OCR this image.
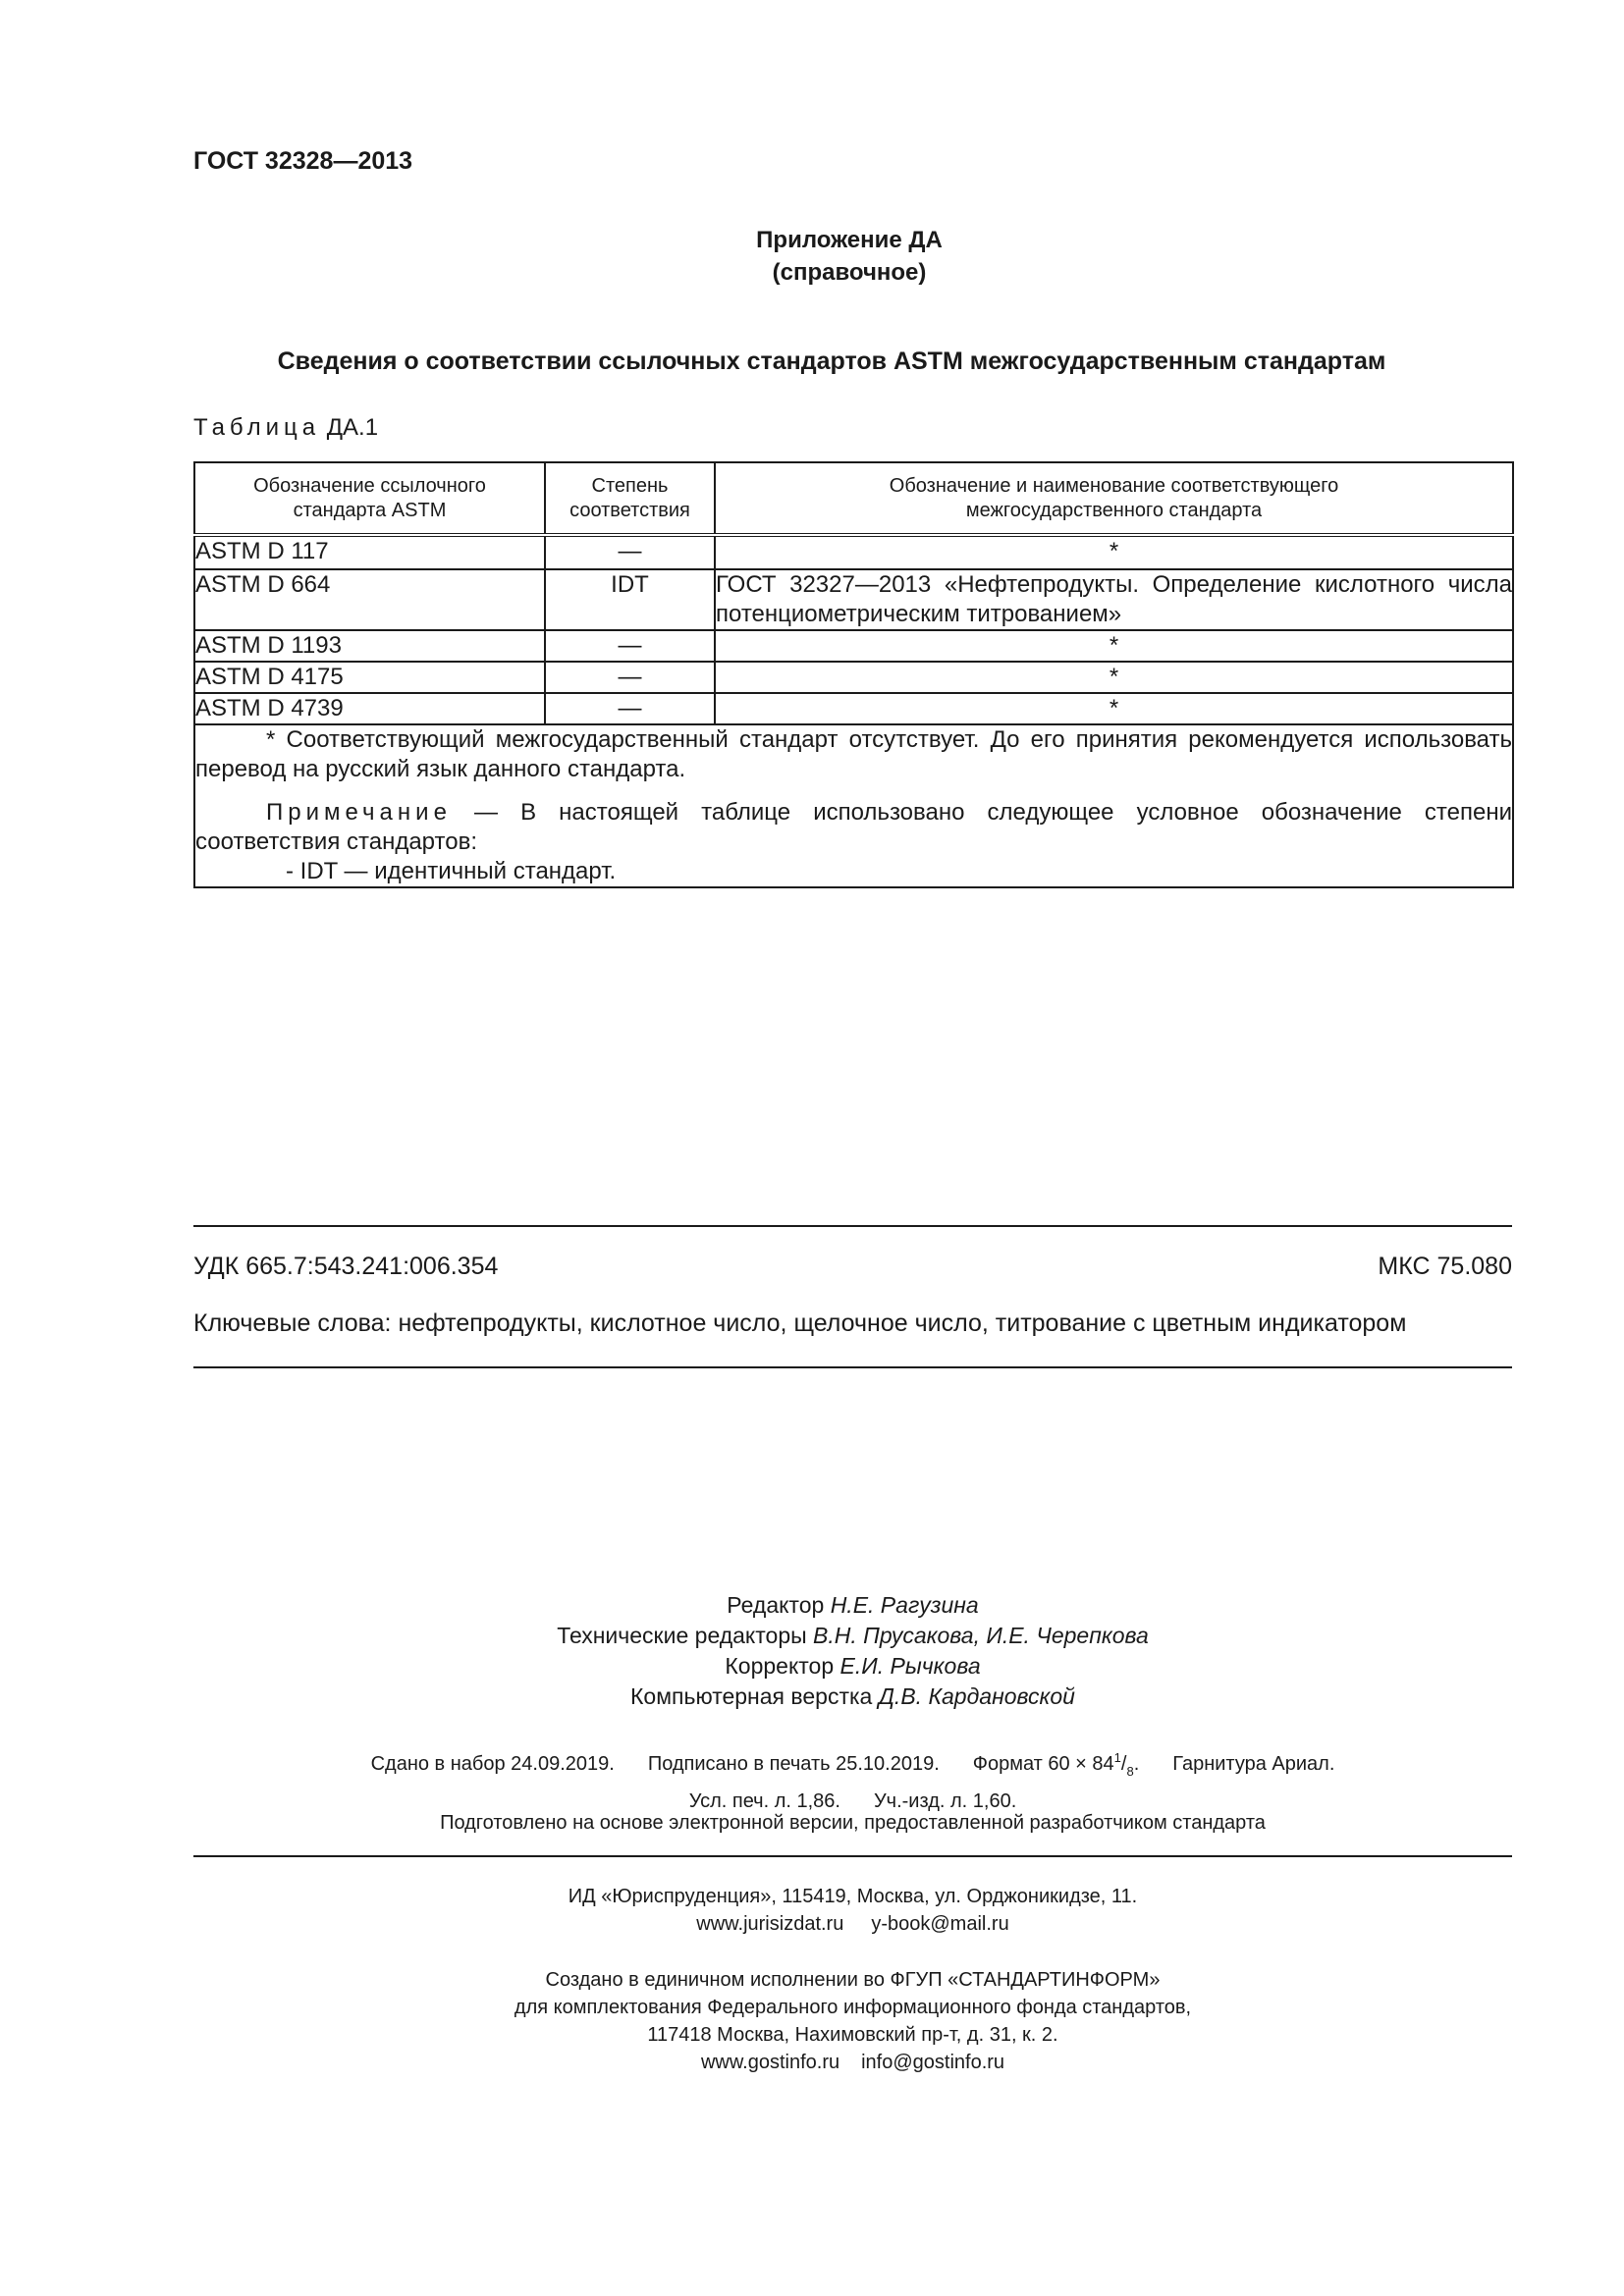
ГОСТ 32328—2013
Приложение ДА
(справочное)
Сведения о соответствии ссылочных стандартов ASTM межгосударственным стандартам
Таблица ДА.1
Обозначение ссылочного стандарта ASTM	Степень соответствия	Обозначение и наименование соответствующего межгосударственного стандарта
ASTM D 117	—	*
ASTM D 664	IDT	ГОСТ 32327—2013 «Нефтепродукты. Определение кислотного числа потенциометрическим титрованием»
ASTM D 1193	—	*
ASTM D 4175	—	*
ASTM D 4739	—	*

* Соответствующий межгосударственный стандарт отсутствует. До его принятия рекомендуется использовать перевод на русский язык данного стандарта.

Примечание — В настоящей таблице использовано следующее условное обозначение степени соответствия стандартов:

- IDT — идентичный стандарт.		

УДК 665.7:543.241:006.354	МКС 75.080
Ключевые слова: нефтепродукты, кислотное число, щелочное число, титрование с цветным индикатором
Редактор Н.Е. Рагузина
Технические редакторы В.Н. Прусакова, И.Е. Черепкова
Корректор Е.И. Рычкова
Компьютерная верстка Д.В. Кардановской
Сдано в набор 24.09.2019. Подписано в печать 25.10.2019. Формат $60 \times 84^1/_8$. Гарнитура Ариал.
Усл. печ. л. 1,86. Уч.-изд. л. 1,60.
Подготовлено на основе электронной версии, предоставленной разработчиком стандарта
ИД «Юриспруденция», 115419, Москва, ул. Орджоникидзе, 11.
www.jurisizdat.ru y-book@mail.ru
Создано в единичном исполнении во ФГУП «СТАНДАРТИНФОРМ»
для комплектования Федерального информационного фонда стандартов,
117418 Москва, Нахимовский пр-т, д. 31, к. 2.
www.gostinfo.ru info@gostinfo.ru
